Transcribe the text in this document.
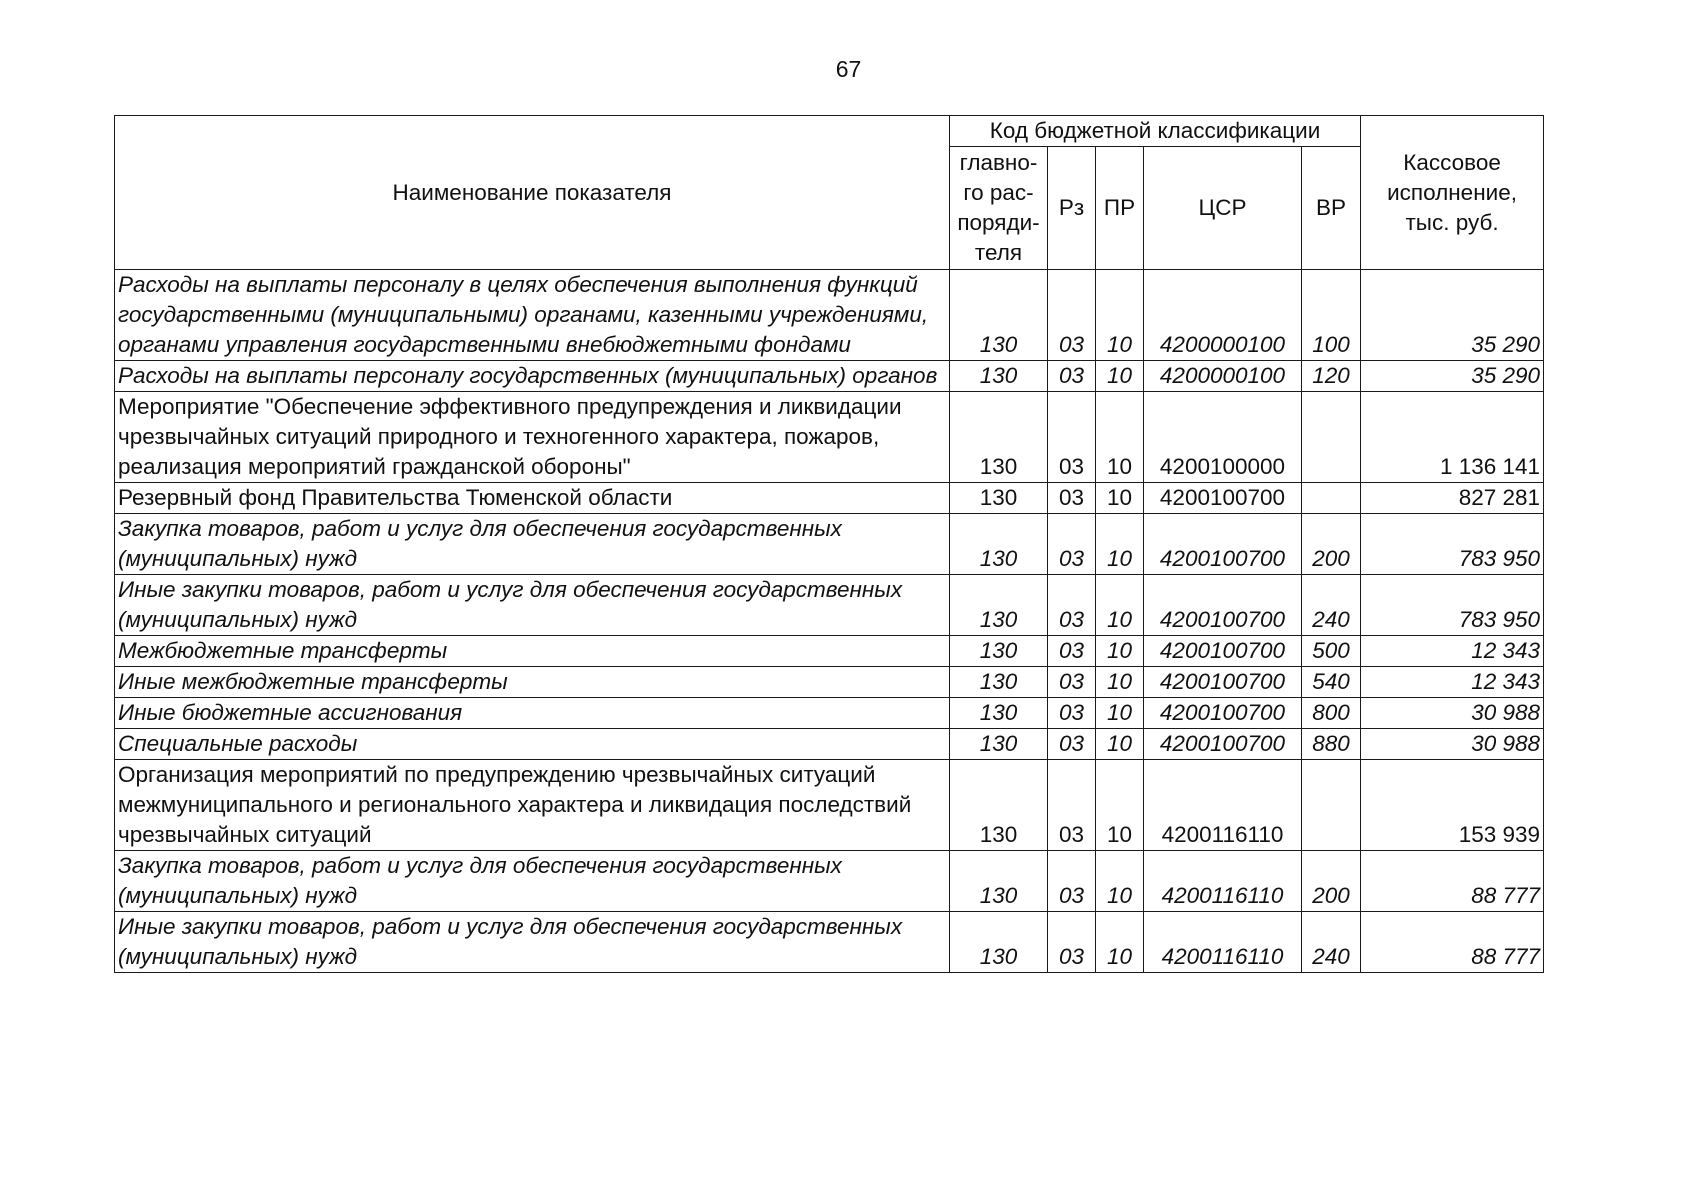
67
Наименование показателя	Код бюджетной классификации					Кассовое
исполнение,
тыс. руб.

	главно-
го рас-
поряди-
теля	Рз	ПР	ЦСР	ВР	
Расходы на выплаты персоналу в целях обеспечения выполнения функций государственными (муниципальными) органами, казенными учреждениями, органами управления государственными внебюджетными фондами	130	03	10	4200000100	100	35 290
Расходы на выплаты персоналу государственных (муниципальных) органов	130	03	10	4200000100	120	35 290
Мероприятие "Обеспечение эффективного предупреждения и ликвидации чрезвычайных ситуаций природного и техногенного характера, пожаров, реализация мероприятий гражданской обороны"	130	03	10	4200100000		1 136 141
Резервный фонд Правительства Тюменской области	130	03	10	4200100700		827 281
Закупка товаров, работ и услуг для обеспечения государственных (муниципальных) нужд	130	03	10	4200100700	200	783 950
Иные закупки товаров, работ и услуг для обеспечения государственных (муниципальных) нужд	130	03	10	4200100700	240	783 950
Межбюджетные трансферты	130	03	10	4200100700	500	12 343
Иные межбюджетные трансферты	130	03	10	4200100700	540	12 343
Иные бюджетные ассигнования	130	03	10	4200100700	800	30 988
Специальные расходы	130	03	10	4200100700	880	30 988
Организация мероприятий по предупреждению чрезвычайных ситуаций межмуниципального и регионального характера и ликвидация последствий чрезвычайных ситуаций	130	03	10	4200116110		153 939
Закупка товаров, работ и услуг для обеспечения государственных (муниципальных) нужд	130	03	10	4200116110	200	88 777
Иные закупки товаров, работ и услуг для обеспечения государственных (муниципальных) нужд	130	03	10	4200116110	240	88 777
